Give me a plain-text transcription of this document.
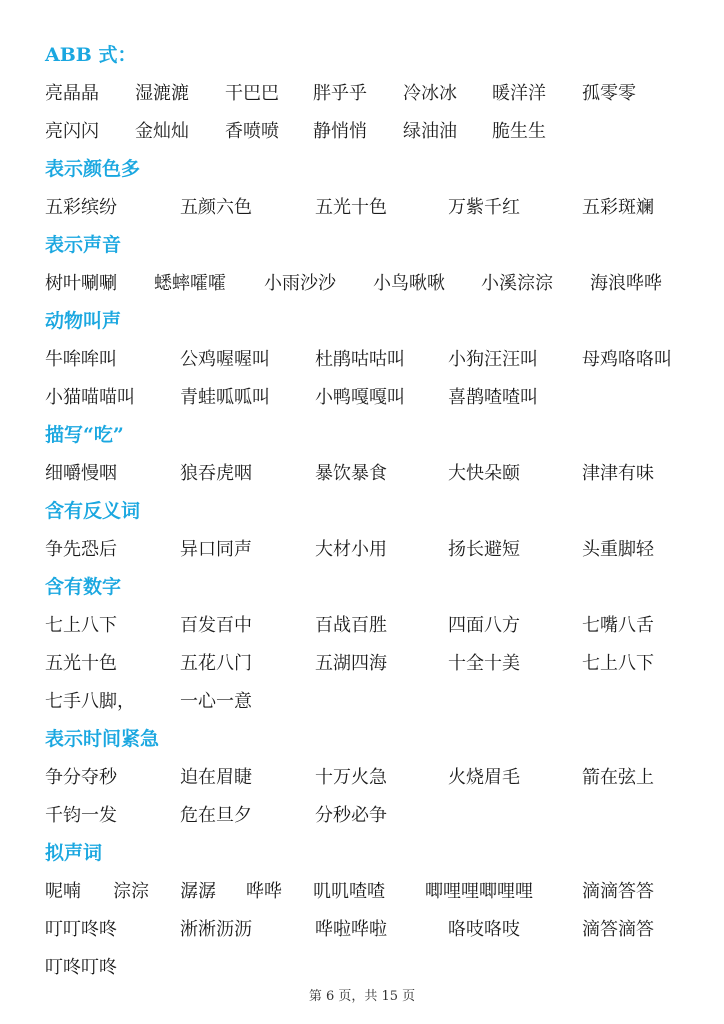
ABB 式：
亮晶晶 湿漉漉 干巴巴 胖乎乎 冷冰冰 暖洋洋 孤零零
亮闪闪 金灿灿 香喷喷 静悄悄 绿油油 脆生生
表示颜色多
五彩缤纷	五颜六色	五光十色	万紫千红	五彩斑斓
表示声音
树叶唰唰 蟋蟀嚯嚯 小雨沙沙 小鸟啾啾 小溪淙淙 海浪哗哗
动物叫声
牛哞哞叫	公鸡喔喔叫	杜鹃咕咕叫 小狗汪汪叫 母鸡咯咯叫
小猫喵喵叫	青蛙呱呱叫	小鸭嘎嘎叫 喜鹊喳喳叫
描写“吃”
细嚼慢咽	狼吞虎咽	暴饮暴食	大快朵颐	津津有味
含有反义词
争先恐后	异口同声	大材小用	扬长避短	头重脚轻
含有数字
七上八下	百发百中	百战百胜	四面八方	七嘴八舌
五光十色	五花八门	五湖四海	十全十美	七上八下
七手八脚，	一心一意
表示时间紧急
争分夺秒	迫在眉睫	十万火急	火烧眉毛	箭在弦上
千钧一发	危在旦夕	分秒必争
拟声词
呢喃 淙淙 潺潺 哗哗 叽叽喳喳 唧哩哩唧哩哩	滴滴答答
叮叮咚咚	淅淅沥沥	哗啦哗啦	咯吱咯吱	滴答滴答
叮咚叮咚
第 6 页，共 15 页
